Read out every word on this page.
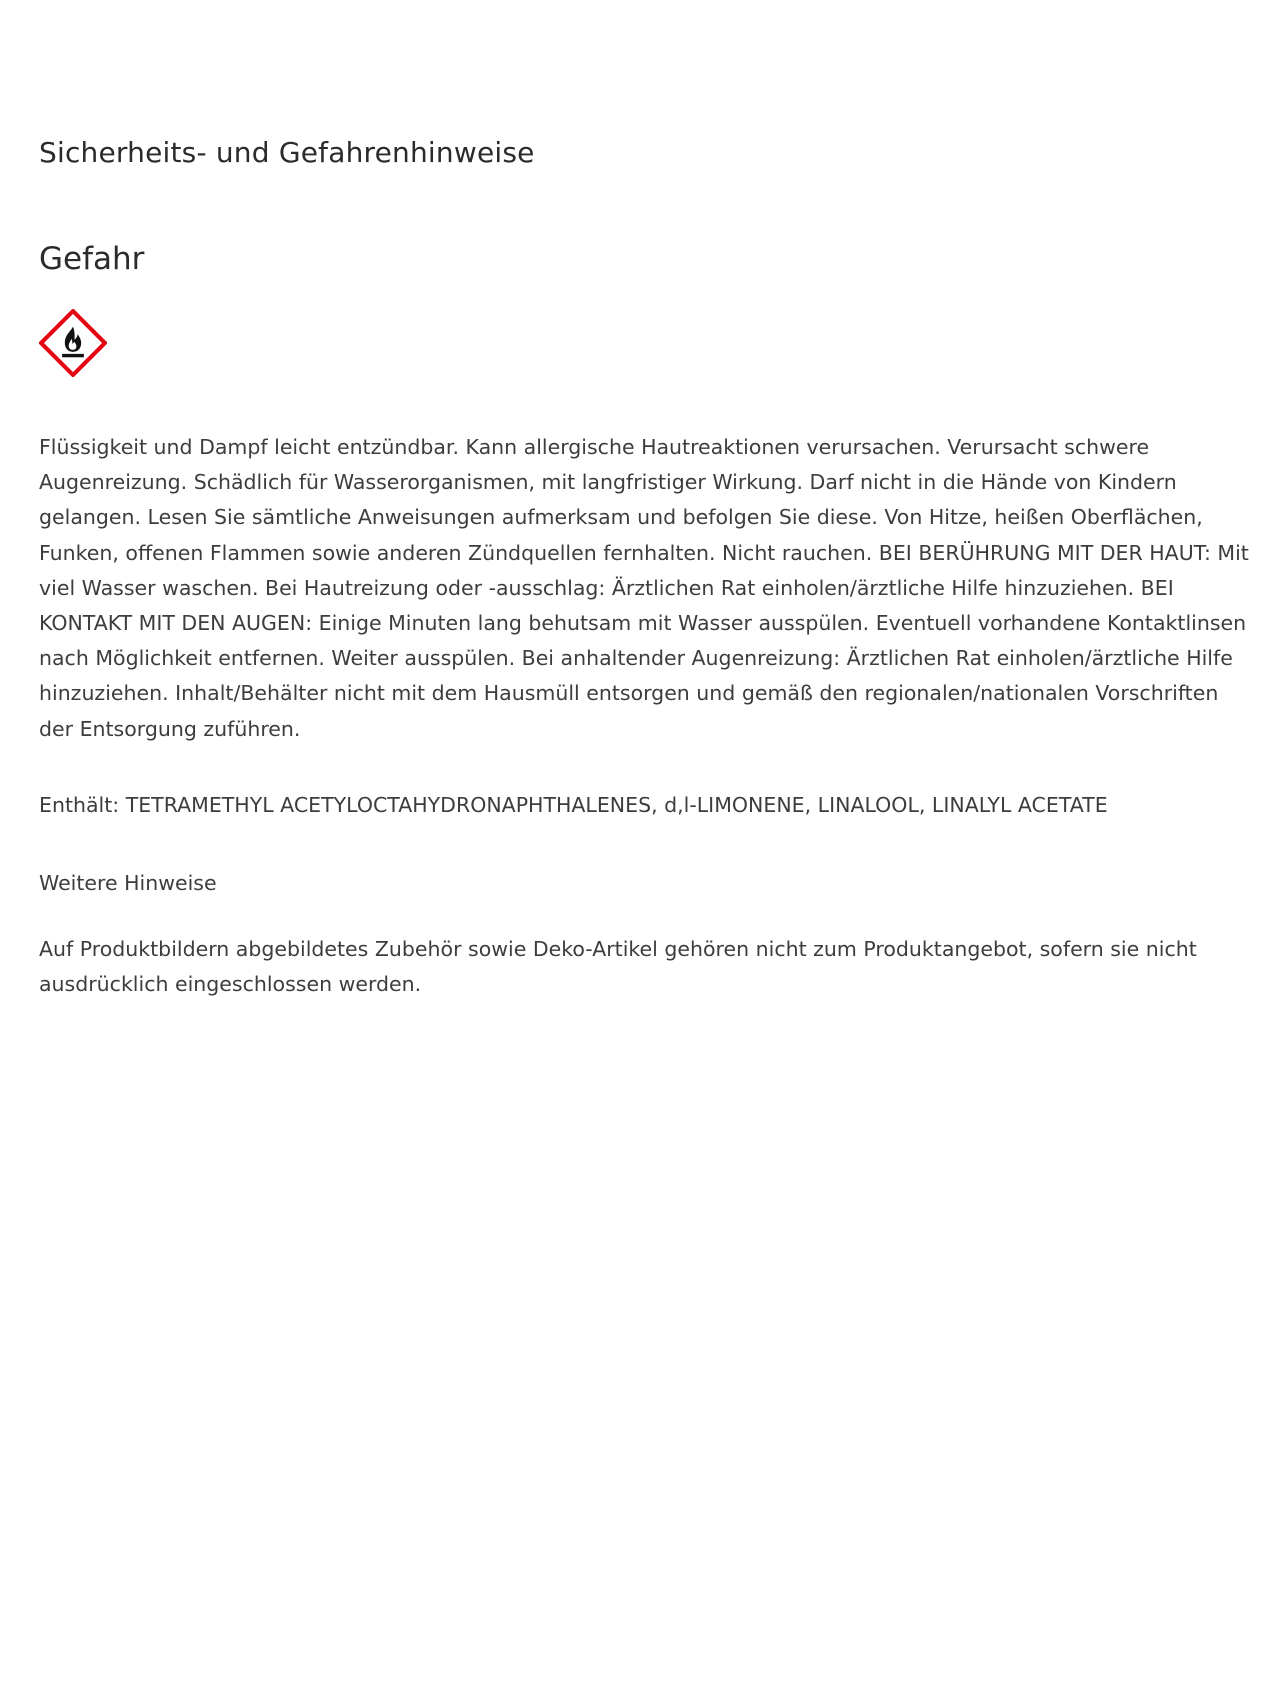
Sicherheits- und Gefahrenhinweise
Gefahr

Flüssigkeit und Dampf leicht entzündbar. Kann allergische Hautreaktionen verursachen. Verursacht schwere Augenreizung. Schädlich für Wasserorganismen, mit langfristiger Wirkung. Darf nicht in die Hände von Kindern gelangen. Lesen Sie sämtliche Anweisungen aufmerksam und befolgen Sie diese. Von Hitze, heißen Oberflächen, Funken, offenen Flammen sowie anderen Zündquellen fernhalten. Nicht rauchen. BEI BERÜHRUNG MIT DER HAUT: Mit viel Wasser waschen. Bei Hautreizung oder -ausschlag: Ärztlichen Rat einholen/ärztliche Hilfe hinzuziehen. BEI KONTAKT MIT DEN AUGEN: Einige Minuten lang behutsam mit Wasser ausspülen. Eventuell vorhandene Kontaktlinsen nach Möglichkeit entfernen. Weiter ausspülen. Bei anhaltender Augenreizung: Ärztlichen Rat einholen/ärztliche Hilfe hinzuziehen. Inhalt/Behälter nicht mit dem Hausmüll entsorgen und gemäß den regionalen/nationalen Vorschriften der Entsorgung zuführen.

Enthält: TETRAMETHYL ACETYLOCTAHYDRONAPHTHALENES, d,l-LIMONENE, LINALOOL, LINALYL ACETATE

Weitere Hinweise

Auf Produktbildern abgebildetes Zubehör sowie Deko-Artikel gehören nicht zum Produktangebot, sofern sie nicht ausdrücklich eingeschlossen werden.
